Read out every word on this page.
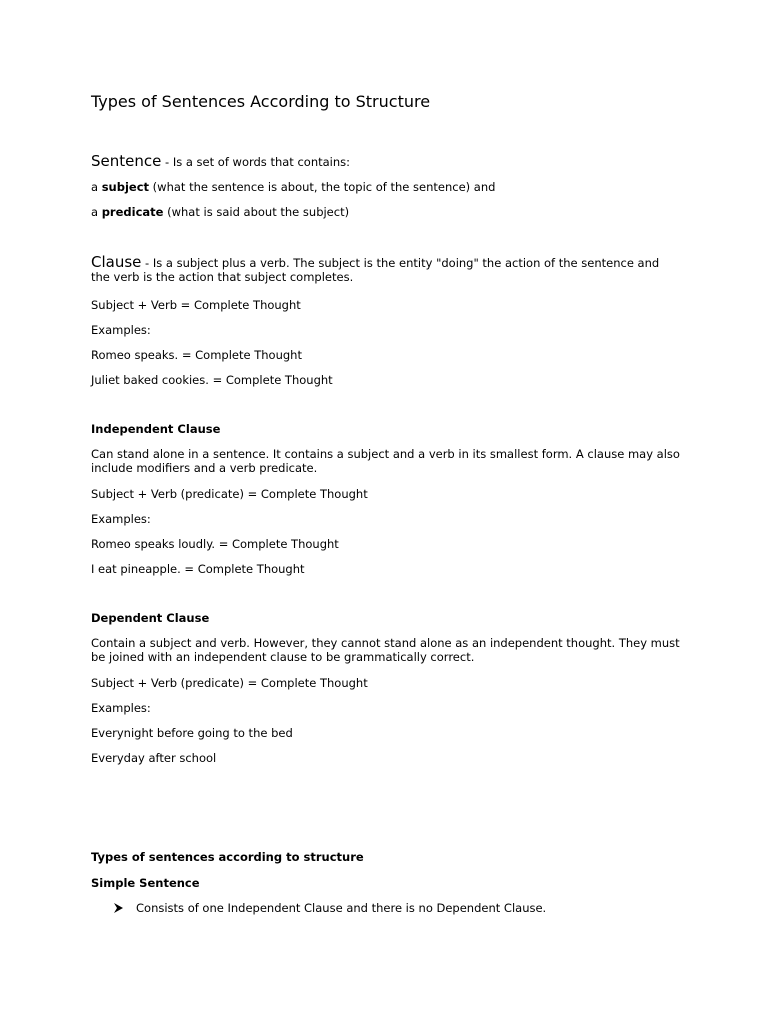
Types of Sentences According to Structure
Sentence - Is a set of words that contains:
a subject (what the sentence is about, the topic of the sentence) and
a predicate (what is said about the subject)
Clause - Is a subject plus a verb. The subject is the entity "doing" the action of the sentence and the verb is the action that subject completes.
Subject + Verb = Complete Thought
Examples:
Romeo speaks. = Complete Thought
Juliet baked cookies. = Complete Thought
Independent Clause
Can stand alone in a sentence. It contains a subject and a verb in its smallest form. A clause may also include modifiers and a verb predicate.
Subject + Verb (predicate) = Complete Thought
Examples:
Romeo speaks loudly. = Complete Thought
I eat pineapple. = Complete Thought
Dependent Clause
Contain a subject and verb. However, they cannot stand alone as an independent thought. They must be joined with an independent clause to be grammatically correct.
Subject + Verb (predicate) = Complete Thought
Examples:
Everynight before going to the bed
Everyday after school
Types of sentences according to structure
Simple Sentence
Consists of one Independent Clause and there is no Dependent Clause.
